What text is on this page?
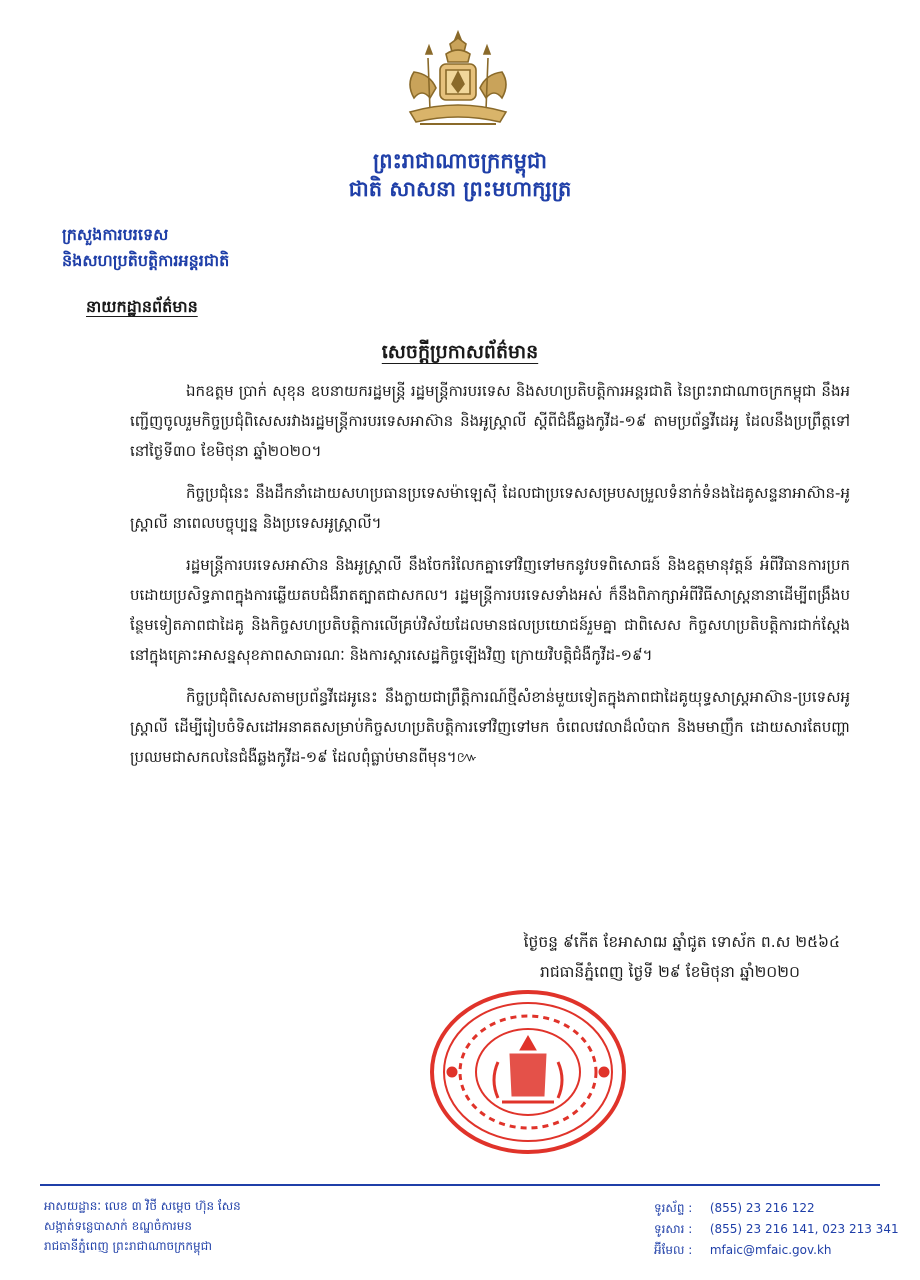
ព្រះរាជាណាចក្រកម្ពុជា
ជាតិ សាសនា ព្រះមហាក្សត្រ
ក្រសួងការបរទេស
និងសហប្រតិបត្តិការអន្តរជាតិ
នាយកដ្ឋានព័ត៌មាន
សេចក្តីប្រកាសព័ត៌មាន

ឯកឧត្តម ប្រាក់ សុខុន ឧបនាយករដ្ឋមន្ត្រី រដ្ឋមន្ត្រីការបរទេស និងសហប្រតិបត្តិការអន្តរជាតិ នៃព្រះរាជាណាចក្រកម្ពុជា នឹងអញ្ជើញចូលរួមកិច្ចប្រជុំពិសេសរវាងរដ្ឋមន្ត្រីការបរទេសអាស៊ាន និងអូស្ត្រាលី ស្តីពីជំងឺឆ្លងកូវីដ-១៩ តាមប្រព័ន្ធវីដេអូ ដែលនឹងប្រព្រឹត្តទៅនៅថ្ងៃទី៣០ ខែមិថុនា ឆ្នាំ២០២០។

កិច្ចប្រជុំនេះ នឹងដឹកនាំដោយសហប្រធានប្រទេសម៉ាឡេស៊ី ដែលជាប្រទេសសម្របសម្រួលទំនាក់ទំនងដៃគូសន្ទនាអាស៊ាន-អូស្ត្រាលី នាពេលបច្ចុប្បន្ន និងប្រទេសអូស្ត្រាលី។

រដ្ឋមន្ត្រីការបរទេសអាស៊ាន និងអូស្ត្រាលី នឹងចែករំលែកគ្នាទៅវិញទៅមកនូវបទពិសោធន៍ និងឧត្តមានុវត្តន៍ អំពីវិធានការប្រកបដោយប្រសិទ្ធភាពក្នុងការឆ្លើយតបជំងឺរាតត្បាតជាសកល។ រដ្ឋមន្ត្រីការបរទេសទាំងអស់ ក៏នឹងពិភាក្សាអំពីវិធីសាស្ត្រនានាដើម្បីពង្រឹងបន្ថែមទៀតភាពជាដៃគូ និងកិច្ចសហប្រតិបត្តិការលើគ្រប់វិស័យដែលមានផលប្រយោជន៍រួមគ្នា ជាពិសេស កិច្ចសហប្រតិបត្តិការជាក់ស្តែងនៅក្នុងគ្រោះអាសន្នសុខភាពសាធារណៈ និងការស្តារសេដ្ឋកិច្ចឡើងវិញ ក្រោយវិបត្តិជំងឺកូវីដ-១៩។

កិច្ចប្រជុំពិសេសតាមប្រព័ន្ធវីដេអូនេះ នឹងក្លាយជាព្រឹត្តិការណ៍ថ្មីសំខាន់មួយទៀតក្នុងភាពជាដៃគូយុទ្ធសាស្ត្រអាស៊ាន-ប្រទេសអូស្ត្រាលី ដើម្បីរៀបចំទិសដៅអនាគតសម្រាប់កិច្ចសហប្រតិបត្តិការទៅវិញទៅមក ចំពេលវេលាដ៏លំបាក និងមមាញឹក ដោយសារតែបញ្ហាប្រឈមជាសកលនៃជំងឺឆ្លងកូវីដ-១៩ ដែលពុំធ្លាប់មានពីមុន។៚

ថ្ងៃចន្ទ ៩កើត ខែអាសាឍ ឆ្នាំជូត ទោស័ក ព.ស ២៥៦៤
រាជធានីភ្នំពេញ ថ្ងៃទី ២៩ ខែមិថុនា ឆ្នាំ២០២០
អាសយដ្ឋានៈ លេខ ៣ វិថី សម្តេច ហ៊ុន សែន
សង្កាត់ទន្លេបាសាក់ ខណ្ឌចំការមន
រាជធានីភ្នំពេញ ព្រះរាជាណាចក្រកម្ពុជា
ទូរស័ព្ទ : (855) 23 216 122
ទូរសារ : (855) 23 216 141, 023 213 341
អ៊ីមែល : mfaic@mfaic.gov.kh
